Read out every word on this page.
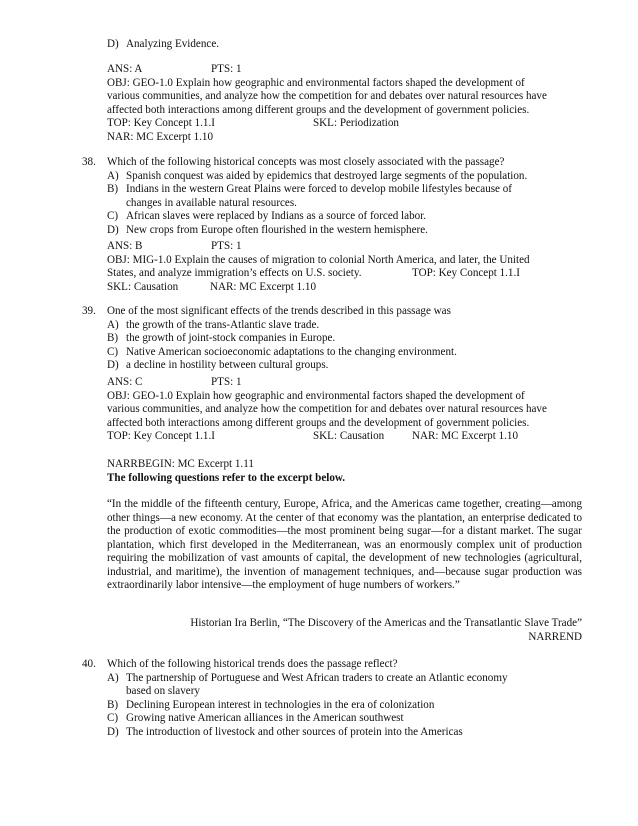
D) Analyzing Evidence.
ANS: A	PTS: 1
OBJ: GEO-1.0 Explain how geographic and environmental factors shaped the development of
various communities, and analyze how the competition for and debates over natural resources have
affected both interactions among different groups and the development of government policies.
TOP: Key Concept 1.1.I	SKL: Periodization
NAR: MC Excerpt 1.10
38. Which of the following historical concepts was most closely associated with the passage?
A) Spanish conquest was aided by epidemics that destroyed large segments of the population.
B) Indians in the western Great Plains were forced to develop mobile lifestyles because of
changes in available natural resources.
C) African slaves were replaced by Indians as a source of forced labor.
D) New crops from Europe often flourished in the western hemisphere.
ANS: B	PTS: 1
OBJ: MIG-1.0 Explain the causes of migration to colonial North America, and later, the United
States, and analyze immigration’s effects on U.S. society.	TOP: Key Concept 1.1.I
SKL: Causation	NAR: MC Excerpt 1.10
39. One of the most significant effects of the trends described in this passage was
A) the growth of the trans-Atlantic slave trade.
B) the growth of joint-stock companies in Europe.
C) Native American socioeconomic adaptations to the changing environment.
D) a decline in hostility between cultural groups.
ANS: C	PTS: 1
OBJ: GEO-1.0 Explain how geographic and environmental factors shaped the development of
various communities, and analyze how the competition for and debates over natural resources have
affected both interactions among different groups and the development of government policies.
TOP: Key Concept 1.1.I	SKL: Causation	NAR: MC Excerpt 1.10
NARRBEGIN: MC Excerpt 1.11
The following questions refer to the excerpt below.
“In the middle of the fifteenth century, Europe, Africa, and the Americas came together, creating—among other things—a new economy. At the center of that economy was the plantation, an enterprise dedicated to the production of exotic commodities—the most prominent being sugar—for a distant market. The sugar plantation, which first developed in the Mediterranean, was an enormously complex unit of production requiring the mobilization of vast amounts of capital, the development of new technologies (agricultural, industrial, and maritime), the invention of management techniques, and—because sugar production was extraordinarily labor intensive—the employment of huge numbers of workers.”
Historian Ira Berlin, “The Discovery of the Americas and the Transatlantic Slave Trade”
NARREND
40. Which of the following historical trends does the passage reflect?
A) The partnership of Portuguese and West African traders to create an Atlantic economy
based on slavery
B) Declining European interest in technologies in the era of colonization
C) Growing native American alliances in the American southwest
D) The introduction of livestock and other sources of protein into the Americas
